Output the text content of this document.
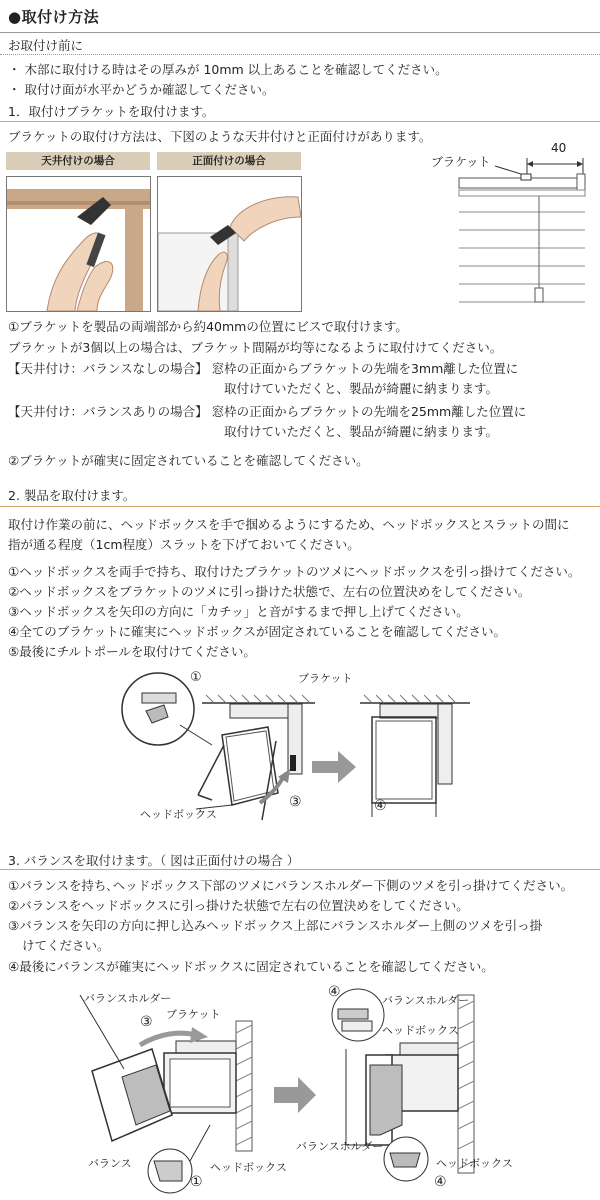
●取付け方法
お取付け前に
・ 木部に取付ける時はその厚みが 10mm 以上あることを確認してください。
・ 取付け面が水平かどうか確認してください。
1．取付けブラケットを取付けます。
ブラケットの取付け方法は、下図のような天井付けと正面付けがあります。
天井付けの場合	正面付けの場合	ブラケット
40
①ブラケットを製品の両端部から約40mmの位置にビスで取付けます。
ブラケットが3個以上の場合は、ブラケット間隔が均等になるように取付けてください。
【天井付け：バランスなしの場合】 窓枠の正面からブラケットの先端を3mm離した位置に
取付けていただくと、製品が綺麗に納まります。
【天井付け：バランスありの場合】 窓枠の正面からブラケットの先端を25mm離した位置に
取付けていただくと、製品が綺麗に納まります。
②ブラケットが確実に固定されていることを確認してください。
2. 製品を取付けます。
取付け作業の前に、ヘッドボックスを手で掴めるようにするため、ヘッドボックスとスラットの間に
指が通る程度（1cm程度）スラットを下げておいてください。
①ヘッドボックスを両手で持ち、取付けたブラケットのツメにヘッドボックスを引っ掛けてください。
②ヘッドボックスをブラケットのツメに引っ掛けた状態で、左右の位置決めをしてください。
③ヘッドボックスを矢印の方向に「カチッ」と音がするまで押し上げてください。
④全てのブラケットに確実にヘッドボックスが固定されていることを確認してください。
⑤最後にチルトポールを取付けてください。
①	ブラケット
ヘッドボックス
③	④
3. バランスを取付けます。（ 図は正面付けの場合 ）
①バランスを持ち､ヘッドボックス下部のツメにバランスホルダー下側のツメを引っ掛けてください。
②バランスをヘッドボックスに引っ掛けた状態で左右の位置決めをしてください。
③バランスを矢印の方向に押し込みヘッドボックス上部にバランスホルダー上側のツメを引っ掛
けてください。
④最後にバランスが確実にヘッドボックスに固定されていることを確認してください。
バランスホルダー
③ ブラケット
バランス	ヘッドボックス
①
④
バランスホルダー
ヘッドボックス
バランスホルダー
ヘッドボックス
④
